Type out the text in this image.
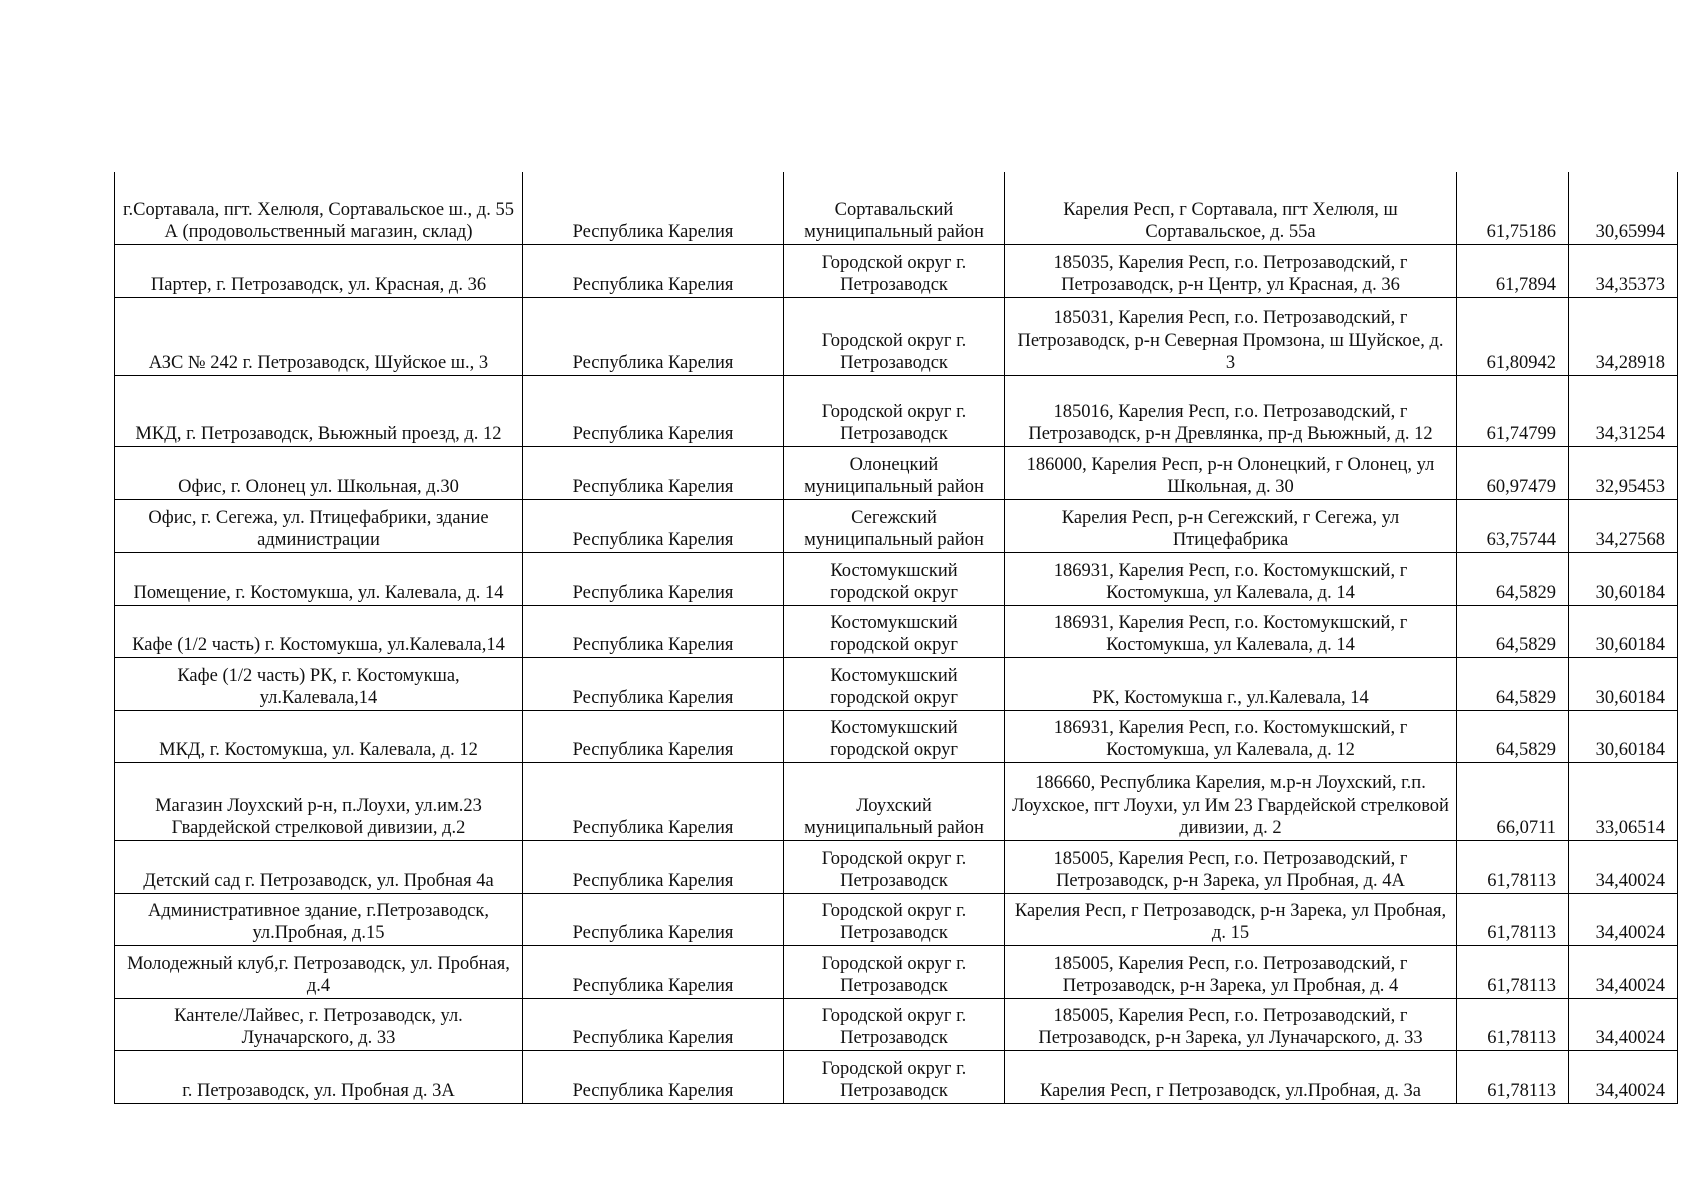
г.Сортавала, пгт. Хелюля, Сортавальское ш., д. 55 А (продовольственный магазин, склад)	Республика Карелия	Сортавальский муниципальный район	Карелия Респ, г Сортавала, пгт Хелюля, ш Сортавальское, д. 55а	61,75186	30,65994
Партер, г. Петрозаводск, ул. Красная, д. 36	Республика Карелия	Городской округ г. Петрозаводск	185035, Карелия Респ, г.о. Петрозаводский, г Петрозаводск, р-н Центр, ул Красная, д. 36	61,7894	34,35373
АЗС № 242 г. Петрозаводск, Шуйское ш., 3	Республика Карелия	Городской округ г. Петрозаводск	185031, Карелия Респ, г.о. Петрозаводский, г Петрозаводск, р-н Северная Промзона, ш Шуйское, д. 3	61,80942	34,28918
МКД, г. Петрозаводск, Вьюжный проезд, д. 12	Республика Карелия	Городской округ г. Петрозаводск	185016, Карелия Респ, г.о. Петрозаводский, г Петрозаводск, р-н Древлянка, пр-д Вьюжный, д. 12	61,74799	34,31254
Офис, г. Олонец ул. Школьная, д.30	Республика Карелия	Олонецкий муниципальный район	186000, Карелия Респ, р-н Олонецкий, г Олонец, ул Школьная, д. 30	60,97479	32,95453
Офис, г. Сегежа, ул. Птицефабрики, здание администрации	Республика Карелия	Сегежский муниципальный район	Карелия Респ, р-н Сегежский, г Сегежа, ул Птицефабрика	63,75744	34,27568
Помещение, г. Костомукша, ул. Калевала, д. 14	Республика Карелия	Костомукшский городской округ	186931, Карелия Респ, г.о. Костомукшский, г Костомукша, ул Калевала, д. 14	64,5829	30,60184
Кафе (1/2 часть) г. Костомукша, ул.Калевала,14	Республика Карелия	Костомукшский городской округ	186931, Карелия Респ, г.о. Костомукшский, г Костомукша, ул Калевала, д. 14	64,5829	30,60184
Кафе (1/2 часть) РК, г. Костомукша, ул.Калевала,14	Республика Карелия	Костомукшский городской округ	РК, Костомукша г., ул.Калевала, 14	64,5829	30,60184
МКД, г. Костомукша, ул. Калевала, д. 12	Республика Карелия	Костомукшский городской округ	186931, Карелия Респ, г.о. Костомукшский, г Костомукша, ул Калевала, д. 12	64,5829	30,60184
Магазин Лоухский р-н, п.Лоухи, ул.им.23 Гвардейской стрелковой дивизии, д.2	Республика Карелия	Лоухский муниципальный район	186660, Республика Карелия, м.р-н Лоухский, г.п. Лоухское, пгт Лоухи, ул Им 23 Гвардейской стрелковой дивизии, д. 2	66,0711	33,06514
Детский сад г. Петрозаводск, ул. Пробная 4а	Республика Карелия	Городской округ г. Петрозаводск	185005, Карелия Респ, г.о. Петрозаводский, г Петрозаводск, р-н Зарека, ул Пробная, д. 4А	61,78113	34,40024
Административное здание, г.Петрозаводск, ул.Пробная, д.15	Республика Карелия	Городской округ г. Петрозаводск	Карелия Респ, г Петрозаводск, р-н Зарека, ул Пробная, д. 15	61,78113	34,40024
Молодежный клуб,г. Петрозаводск, ул. Пробная, д.4	Республика Карелия	Городской округ г. Петрозаводск	185005, Карелия Респ, г.о. Петрозаводский, г Петрозаводск, р-н Зарека, ул Пробная, д. 4	61,78113	34,40024
Кантеле/Лайвес, г. Петрозаводск, ул. Луначарского, д. 33	Республика Карелия	Городской округ г. Петрозаводск	185005, Карелия Респ, г.о. Петрозаводский, г Петрозаводск, р-н Зарека, ул Луначарского, д. 33	61,78113	34,40024
г. Петрозаводск, ул. Пробная д. 3А	Республика Карелия	Городской округ г. Петрозаводск	Карелия Респ, г Петрозаводск, ул.Пробная, д. 3а	61,78113	34,40024
